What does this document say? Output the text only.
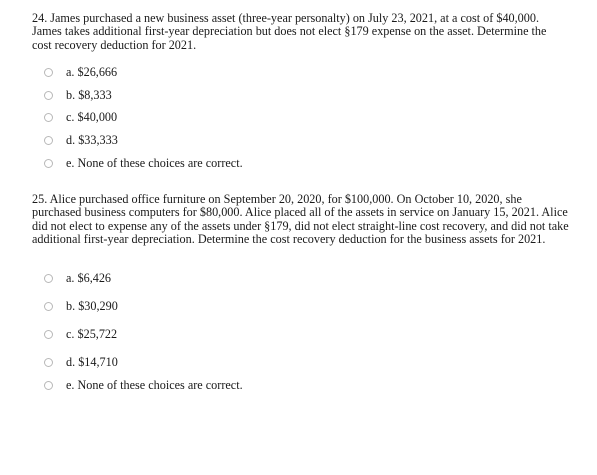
24. James purchased a new business asset (three-year personalty) on July 23, 2021, at a cost of $40,000. James takes additional first-year depreciation but does not elect §179 expense on the asset. Determine the cost recovery deduction for 2021.

a. $26,666
b. $8,333
c. $40,000
d. $33,333
e. None of these choices are correct.

25. Alice purchased office furniture on September 20, 2020, for $100,000. On October 10, 2020, she purchased business computers for $80,000. Alice placed all of the assets in service on January 15, 2021. Alice did not elect to expense any of the assets under §179, did not elect straight-line cost recovery, and did not take additional first-year depreciation. Determine the cost recovery deduction for the business assets for 2021.

a. $6,426
b. $30,290
c. $25,722
d. $14,710
e. None of these choices are correct.
